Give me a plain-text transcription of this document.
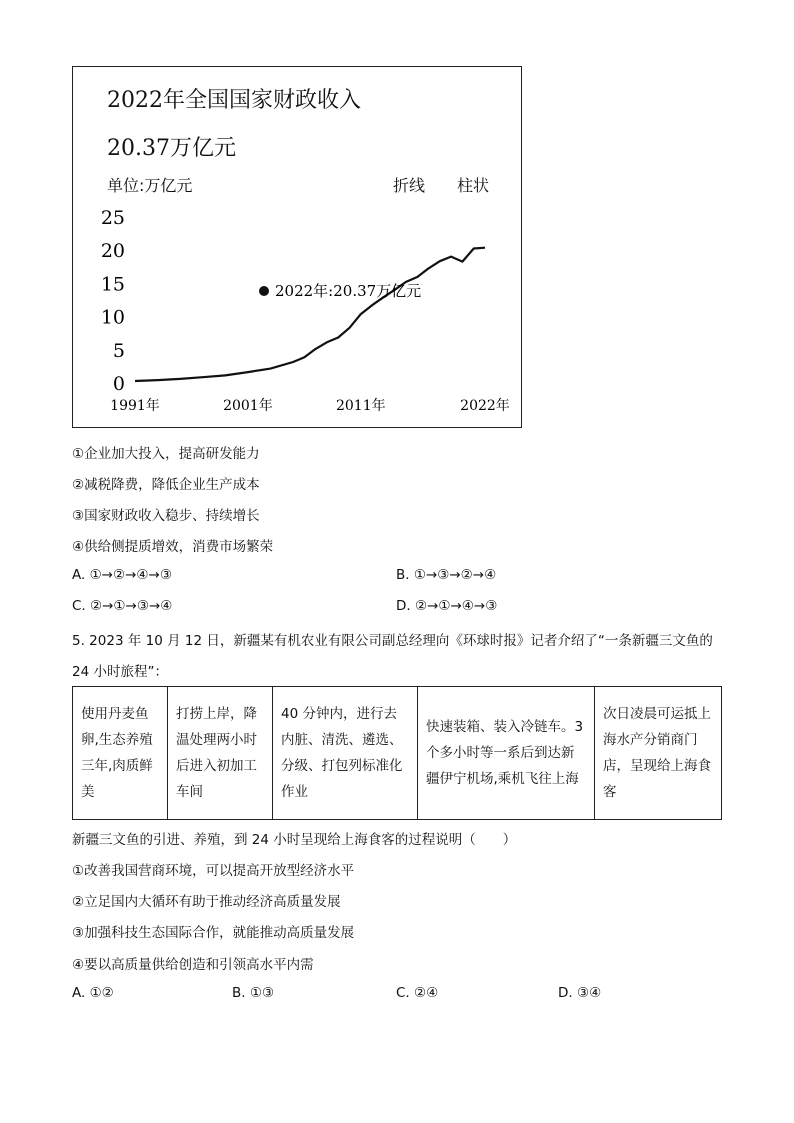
2022年全国国家财政收入
20.37万亿元
单位:万亿元	折线 柱状
0
5
10
15
20
25
1991年	2001年	2011年	2022年
2022年:20.37万亿元
①企业加大投入，提高研发能力
②减税降费，降低企业生产成本
③国家财政收入稳步、持续增长
④供给侧提质增效，消费市场繁荣
A. ①→②→④→③	B. ①→③→②→④
C. ②→①→③→④	D. ②→①→④→③
5. 2023 年 10 月 12 日，新疆某有机农业有限公司副总经理向《环球时报》记者介绍了“一条新疆三文鱼的
24 小时旅程”：
使用丹麦鱼卵,生态养殖三年,肉质鲜美	打捞上岸，降温处理两小时后进入初加工车间	40 分钟内，进行去内脏、清洗、遴选、分级、打包列标准化作业	快速装箱、装入冷链车。3 个多小时等一系后到达新疆伊宁机场,乘机飞往上海	次日凌晨可运抵上海水产分销商门店，呈现给上海食客
新疆三文鱼的引进、养殖，到 24 小时呈现给上海食客的过程说明（　　）
①改善我国营商环境，可以提高开放型经济水平
②立足国内大循环有助于推动经济高质量发展
③加强科技生态国际合作，就能推动高质量发展
④要以高质量供给创造和引领高水平内需
A. ①②	B. ①③	C. ②④	D. ③④
